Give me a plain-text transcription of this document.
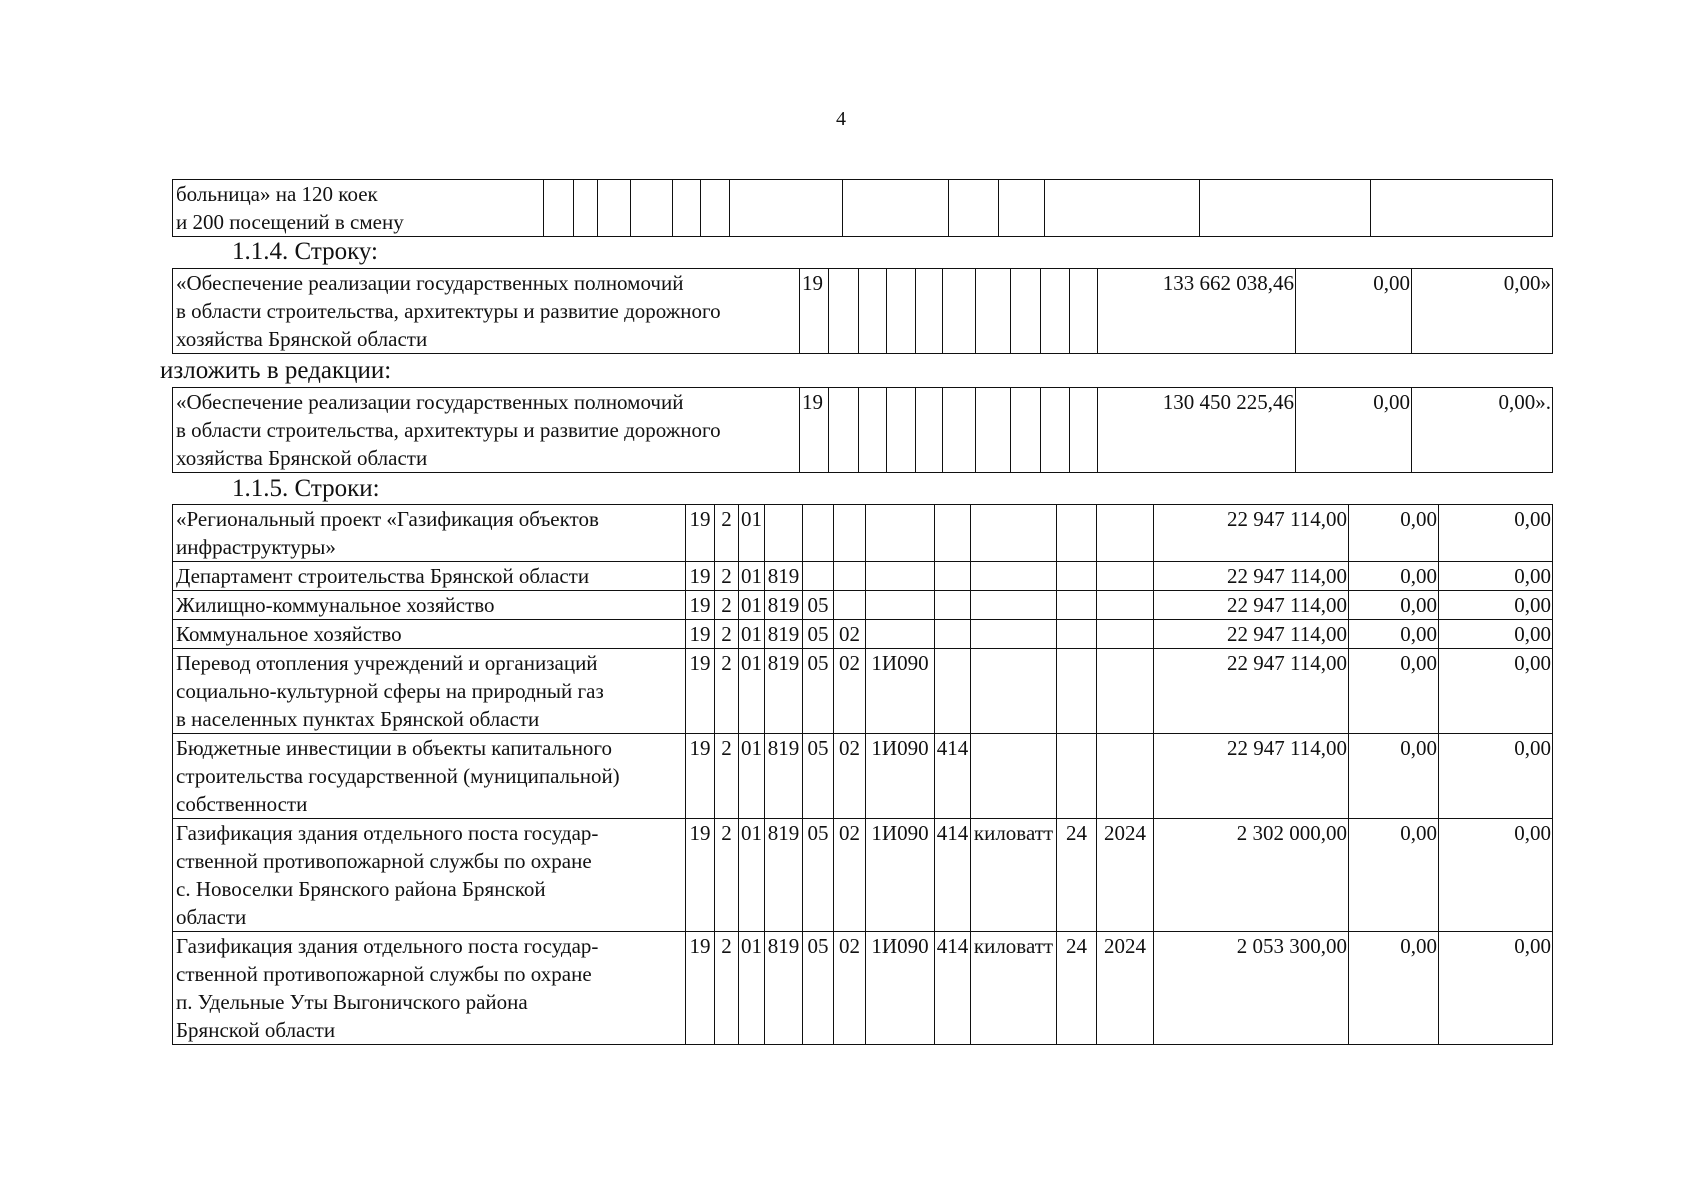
4
больница» на 120 коек
и 200 посещений в смену

1.1.4. Строку:
«Обеспечение реализации государственных полномочий
в области строительства, архитектуры и развитие дорожного
хозяйства Брянской области
	19										133 662 038,46	0,00	0,00»
изложить в редакции:
«Обеспечение реализации государственных полномочий
в области строительства, архитектуры и развитие дорожного
хозяйства Брянской области
	19										130 450 225,46	0,00	0,00».
1.1.5. Строки:
«Региональный проект «Газификация объектов
инфраструктуры»	19	2	01									22 947 114,00	0,00	0,00

Департамент строительства Брянской области	19	2	01	819								22 947 114,00	0,00	0,00

Жилищно-коммунальное хозяйство	19	2	01	819	05							22 947 114,00	0,00	0,00

Коммунальное хозяйство	19	2	01	819	05	02						22 947 114,00	0,00	0,00

Перевод отопления учреждений и организаций
социально-культурной сферы на природный газ
в населенных пунктах Брянской области	19	2	01	819	05	02	1И090					22 947 114,00	0,00	0,00

Бюджетные инвестиции в объекты капитального
строительства государственной (муниципальной)
собственности	19	2	01	819	05	02	1И090	414				22 947 114,00	0,00	0,00

Газификация здания отдельного поста государ-
ственной противопожарной службы по охране
с. Новоселки Брянского района Брянской
области	19	2	01	819	05	02	1И090	414	киловатт	24	2024	2 302 000,00	0,00	0,00

Газификация здания отдельного поста государ-
ственной противопожарной службы по охране
п. Удельные Уты Выгоничского района
Брянской области	19	2	01	819	05	02	1И090	414	киловатт	24	2024	2 053 300,00	0,00	0,00
